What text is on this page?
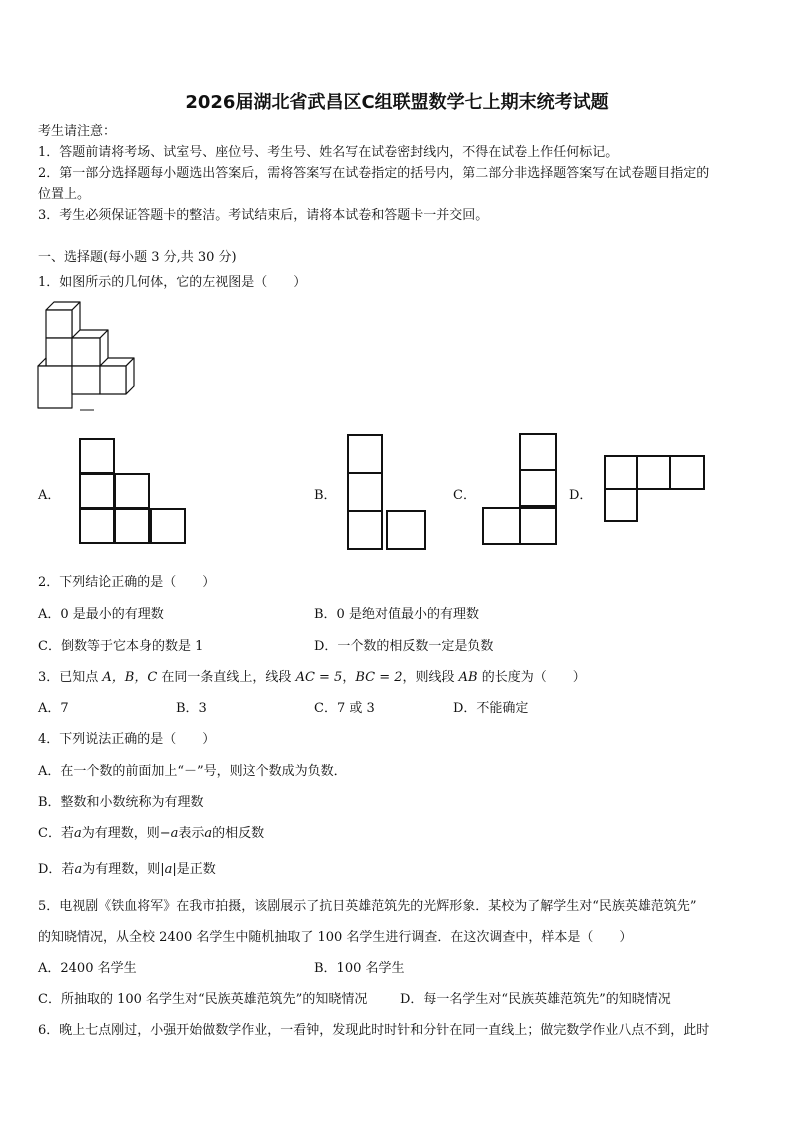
2026届湖北省武昌区C组联盟数学七上期末统考试题
考生请注意：
1．答题前请将考场、试室号、座位号、考生号、姓名写在试卷密封线内，不得在试卷上作任何标记。
2．第一部分选择题每小题选出答案后，需将答案写在试卷指定的括号内，第二部分非选择题答案写在试卷题目指定的
位置上。
3．考生必须保证答题卡的整洁。考试结束后，请将本试卷和答题卡一并交回。
一、选择题(每小题 3 分,共 30 分)
1．如图所示的几何体，它的左视图是（　　）
A．	B．	C．	D．
2．下列结论正确的是（　　）
A．0 是最小的有理数	B．0 是绝对值最小的有理数
C．倒数等于它本身的数是 1	D．一个数的相反数一定是负数
3．已知点 A，B，C 在同一条直线上，线段 AC = 5，BC = 2，则线段 AB 的长度为（　　）
A．7	B．3	C．7 或 3	D．不能确定
4．下列说法正确的是（　　）
A．在一个数的前面加上“－”号，则这个数成为负数．
B．整数和小数统称为有理数
C．若a为有理数，则−a表示a的相反数
D．若a为有理数，则|a|是正数
5．电视剧《铁血将军》在我市拍摄，该剧展示了抗日英雄范筑先的光辉形象．某校为了解学生对“民族英雄范筑先”
的知晓情况，从全校 2400 名学生中随机抽取了 100 名学生进行调查．在这次调查中，样本是（　　）
A．2400 名学生	B．100 名学生
C．所抽取的 100 名学生对“民族英雄范筑先”的知晓情况	D．每一名学生对“民族英雄范筑先”的知晓情况
6．晚上七点刚过，小强开始做数学作业，一看钟，发现此时时针和分针在同一直线上；做完数学作业八点不到，此时
